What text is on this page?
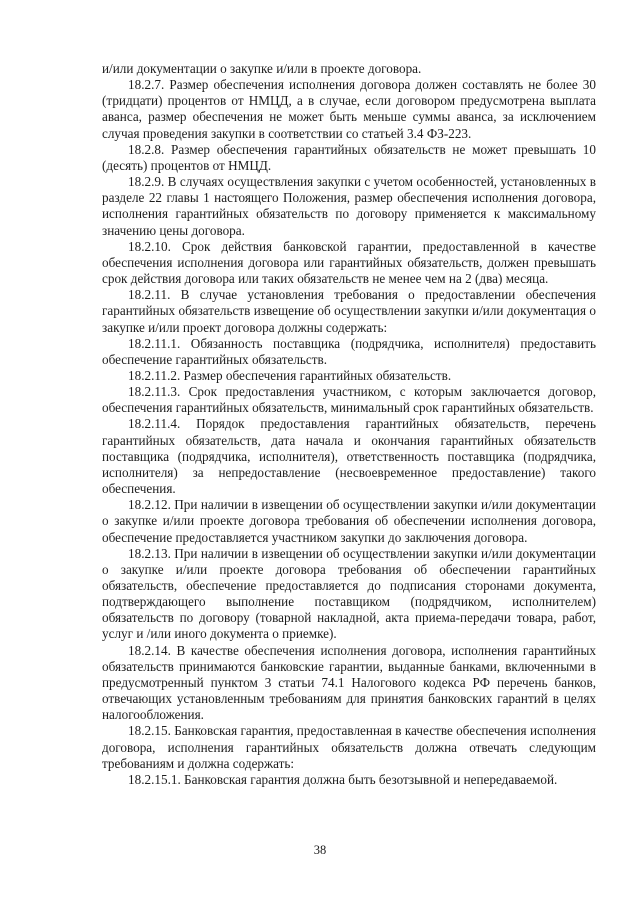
и/или документации о закупке и/или в проекте договора.

18.2.7. Размер обеспечения исполнения договора должен составлять не более 30 (тридцати) процентов от НМЦД, а в случае, если договором предусмотрена выплата аванса, размер обеспечения не может быть меньше суммы аванса, за исключением случая проведения закупки в соответствии со статьей 3.4 ФЗ-223.

18.2.8. Размер обеспечения гарантийных обязательств не может превышать 10 (десять) процентов от НМЦД.

18.2.9. В случаях осуществления закупки с учетом особенностей, установленных в разделе 22 главы 1 настоящего Положения, размер обеспечения исполнения договора, исполнения гарантийных обязательств по договору применяется к максимальному значению цены договора.

18.2.10. Срок действия банковской гарантии, предоставленной в качестве обеспечения исполнения договора или гарантийных обязательств, должен превышать срок действия договора или таких обязательств не менее чем на 2 (два) месяца.

18.2.11. В случае установления требования о предоставлении обеспечения гарантийных обязательств извещение об осуществлении закупки и/или документация о закупке и/или проект договора должны содержать:

18.2.11.1. Обязанность поставщика (подрядчика, исполнителя) предоставить обеспечение гарантийных обязательств.

18.2.11.2. Размер обеспечения гарантийных обязательств.

18.2.11.3. Срок предоставления участником, с которым заключается договор, обеспечения гарантийных обязательств, минимальный срок гарантийных обязательств.

18.2.11.4. Порядок предоставления гарантийных обязательств, перечень гарантийных обязательств, дата начала и окончания гарантийных обязательств поставщика (подрядчика, исполнителя), ответственность поставщика (подрядчика, исполнителя) за непредоставление (несвоевременное предоставление) такого обеспечения.

18.2.12. При наличии в извещении об осуществлении закупки и/или документации о закупке и/или проекте договора требования об обеспечении исполнения договора, обеспечение предоставляется участником закупки до заключения договора.

18.2.13. При наличии в извещении об осуществлении закупки и/или документации о закупке и/или проекте договора требования об обеспечении гарантийных обязательств, обеспечение предоставляется до подписания сторонами документа, подтверждающего выполнение поставщиком (подрядчиком, исполнителем) обязательств по договору (товарной накладной, акта приема-передачи товара, работ, услуг и /или иного документа о приемке).

18.2.14. В качестве обеспечения исполнения договора, исполнения гарантийных обязательств принимаются банковские гарантии, выданные банками, включенными в предусмотренный пунктом 3 статьи 74.1 Налогового кодекса РФ перечень банков, отвечающих установленным требованиям для принятия банковских гарантий в целях налогообложения.

18.2.15. Банковская гарантия, предоставленная в качестве обеспечения исполнения договора, исполнения гарантийных обязательств должна отвечать следующим требованиям и должна содержать:

18.2.15.1. Банковская гарантия должна быть безотзывной и непередаваемой.

38
